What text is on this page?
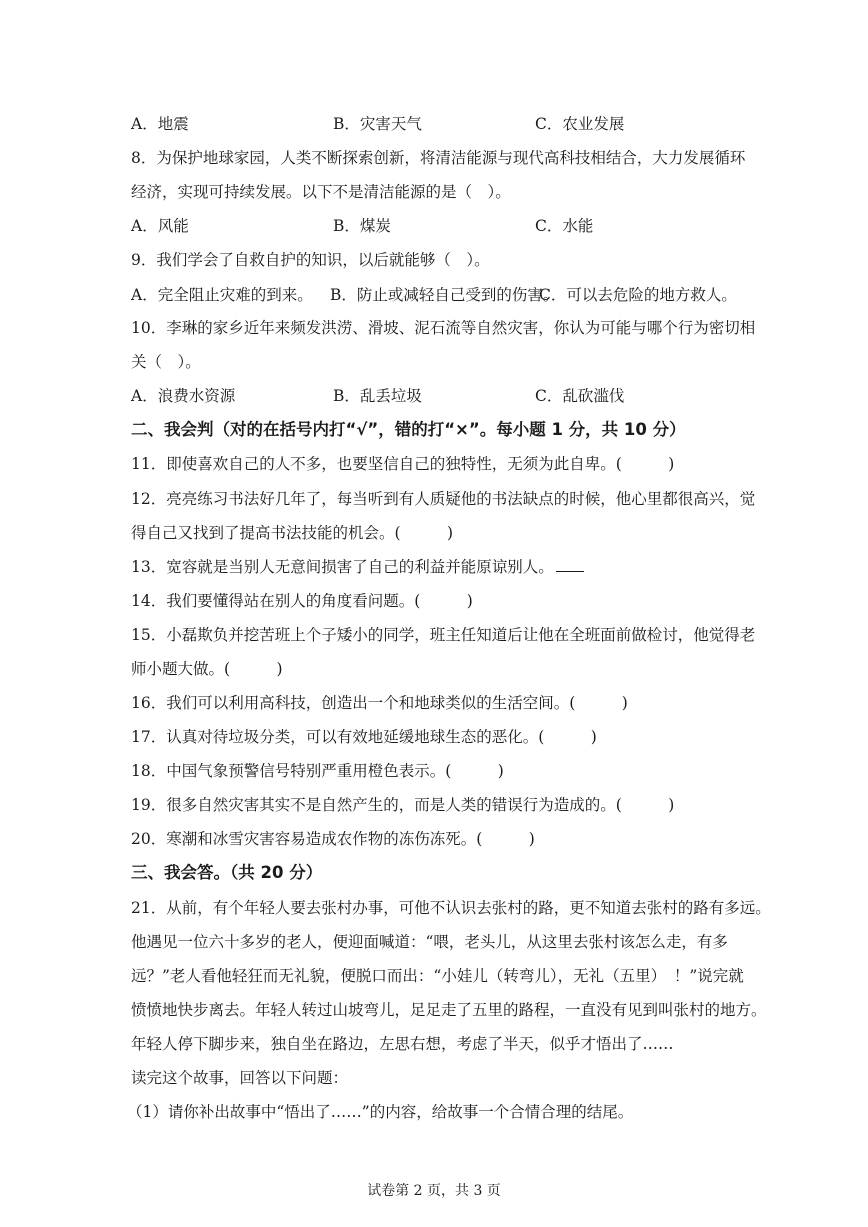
A．地震	B．灾害天气	C．农业发展
8．为保护地球家园，人类不断探索创新，将清洁能源与现代高科技相结合，大力发展循环
经济，实现可持续发展。以下不是清洁能源的是（　）。
A．风能	B．煤炭	C．水能
9．我们学会了自救自护的知识，以后就能够（　）。
A．完全阻止灾难的到来。 B．防止或减轻自己受到的伤害。
C．可以去危险的地方救人。
10．李琳的家乡近年来频发洪涝、滑坡、泥石流等自然灾害，你认为可能与哪个行为密切相
关（　）。
A．浪费水资源	B．乱丢垃圾	C．乱砍滥伐
二、我会判（对的在括号内打“√”，错的打“×”。每小题 1 分，共 10 分）
11．即使喜欢自己的人不多，也要坚信自己的独特性，无须为此自卑。(　　　)
12．亮亮练习书法好几年了，每当听到有人质疑他的书法缺点的时候，他心里都很高兴，觉
得自己又找到了提高书法技能的机会。(　　　)
13．宽容就是当别人无意间损害了自己的利益并能原谅别人。
14．我们要懂得站在别人的角度看问题。(　　　)
15．小磊欺负并挖苦班上个子矮小的同学，班主任知道后让他在全班面前做检讨，他觉得老
师小题大做。(　　　)
16．我们可以利用高科技，创造出一个和地球类似的生活空间。(　　　)
17．认真对待垃圾分类，可以有效地延缓地球生态的恶化。(　　　)
18．中国气象预警信号特别严重用橙色表示。(　　　)
19．很多自然灾害其实不是自然产生的，而是人类的错误行为造成的。(　　　)
20．寒潮和冰雪灾害容易造成农作物的冻伤冻死。(　　　)
三、我会答。（共 20 分）
21．从前，有个年轻人要去张村办事，可他不认识去张村的路，更不知道去张村的路有多远。
他遇见一位六十多岁的老人，便迎面喊道：“喂，老头儿，从这里去张村该怎么走，有多
远？”老人看他轻狂而无礼貌，便脱口而出：“小娃儿（转弯儿），无礼（五里）　！”说完就
愤愤地快步离去。年轻人转过山坡弯儿，足足走了五里的路程，一直没有见到叫张村的地方。
年轻人停下脚步来，独自坐在路边，左思右想，考虑了半天，似乎才悟出了……
读完这个故事，回答以下问题：
（1）请你补出故事中“悟出了……”的内容，给故事一个合情合理的结尾。
试卷第 2 页，共 3 页
